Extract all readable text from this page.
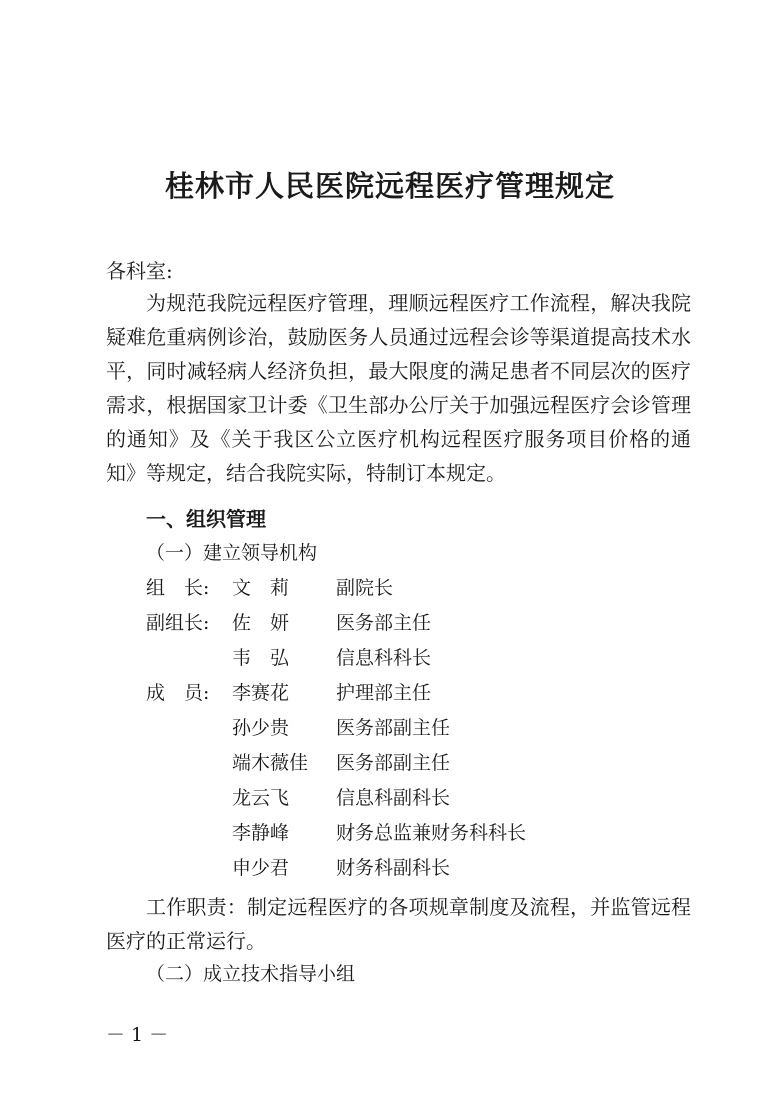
桂林市人民医院远程医疗管理规定
各科室:
为规范我院远程医疗管理，理顺远程医疗工作流程，解决我院疑难危重病例诊治，鼓励医务人员通过远程会诊等渠道提高技术水平，同时减轻病人经济负担，最大限度的满足患者不同层次的医疗需求，根据国家卫计委《卫生部办公厅关于加强远程医疗会诊管理的通知》及《关于我区公立医疗机构远程医疗服务项目价格的通知》等规定，结合我院实际，特制订本规定。
一、组织管理
（一）建立领导机构
组　长:	文　莉 副院长
副组长:	佐　妍 医务部主任
韦　弘 信息科科长
成　员:	李赛花 护理部主任
孙少贵 医务部副主任
端木薇佳 医务部副主任
龙云飞 信息科副科长
李静峰 财务总监兼财务科科长
申少君 财务科副科长
工作职责：制定远程医疗的各项规章制度及流程，并监管远程医疗的正常运行。
（二）成立技术指导小组
－ 1 －
